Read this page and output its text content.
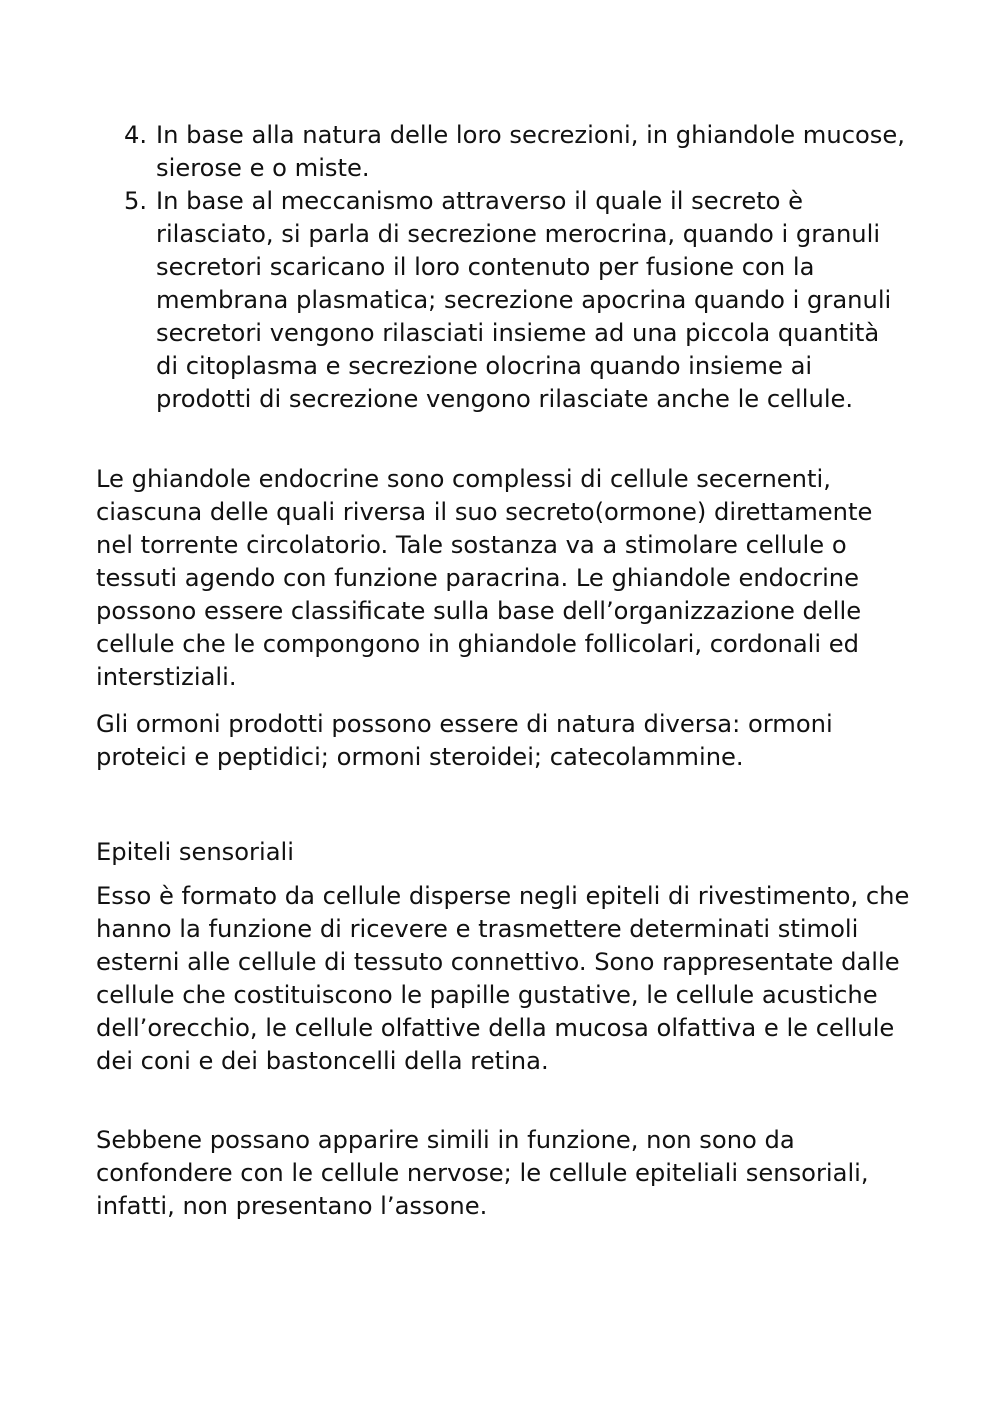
4. In base alla natura delle loro secrezioni, in ghiandole mucose, sierose e o miste.

5. In base al meccanismo attraverso il quale il secreto è rilasciato, si parla di secrezione merocrina, quando i granuli secretori scaricano il loro contenuto per fusione con la membrana plasmatica; secrezione apocrina quando i granuli secretori vengono rilasciati insieme ad una piccola quantità di citoplasma e secrezione olocrina quando insieme ai prodotti di secrezione vengono rilasciate anche le cellule.

Le ghiandole endocrine sono complessi di cellule secernenti, ciascuna delle quali riversa il suo secreto(ormone) direttamente nel torrente circolatorio. Tale sostanza va a stimolare cellule o tessuti agendo con funzione paracrina. Le ghiandole endocrine possono essere classificate sulla base dell’organizzazione delle cellule che le compongono in ghiandole follicolari, cordonali ed interstiziali.

Gli ormoni prodotti possono essere di natura diversa: ormoni proteici e peptidici; ormoni steroidei; catecolammine.

Epiteli sensoriali

Esso è formato da cellule disperse negli epiteli di rivestimento, che hanno la funzione di ricevere e trasmettere determinati stimoli esterni alle cellule di tessuto connettivo. Sono rappresentate dalle cellule che costituiscono le papille gustative, le cellule acustiche dell’orecchio, le cellule olfattive della mucosa olfattiva e le cellule dei coni e dei bastoncelli della retina.

Sebbene possano apparire simili in funzione, non sono da confondere con le cellule nervose; le cellule epiteliali sensoriali, infatti, non presentano l’assone.
